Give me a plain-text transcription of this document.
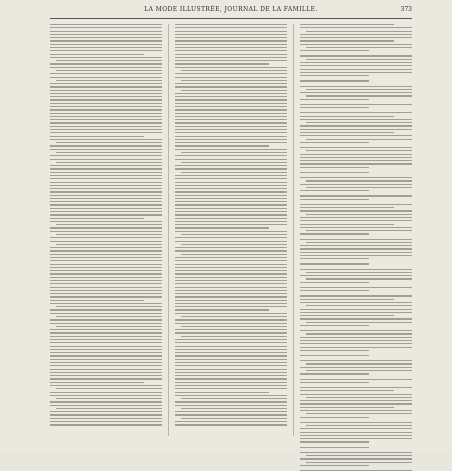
LA MODE ILLUSTRÉE, JOURNAL DE LA FAMILLE.	373
